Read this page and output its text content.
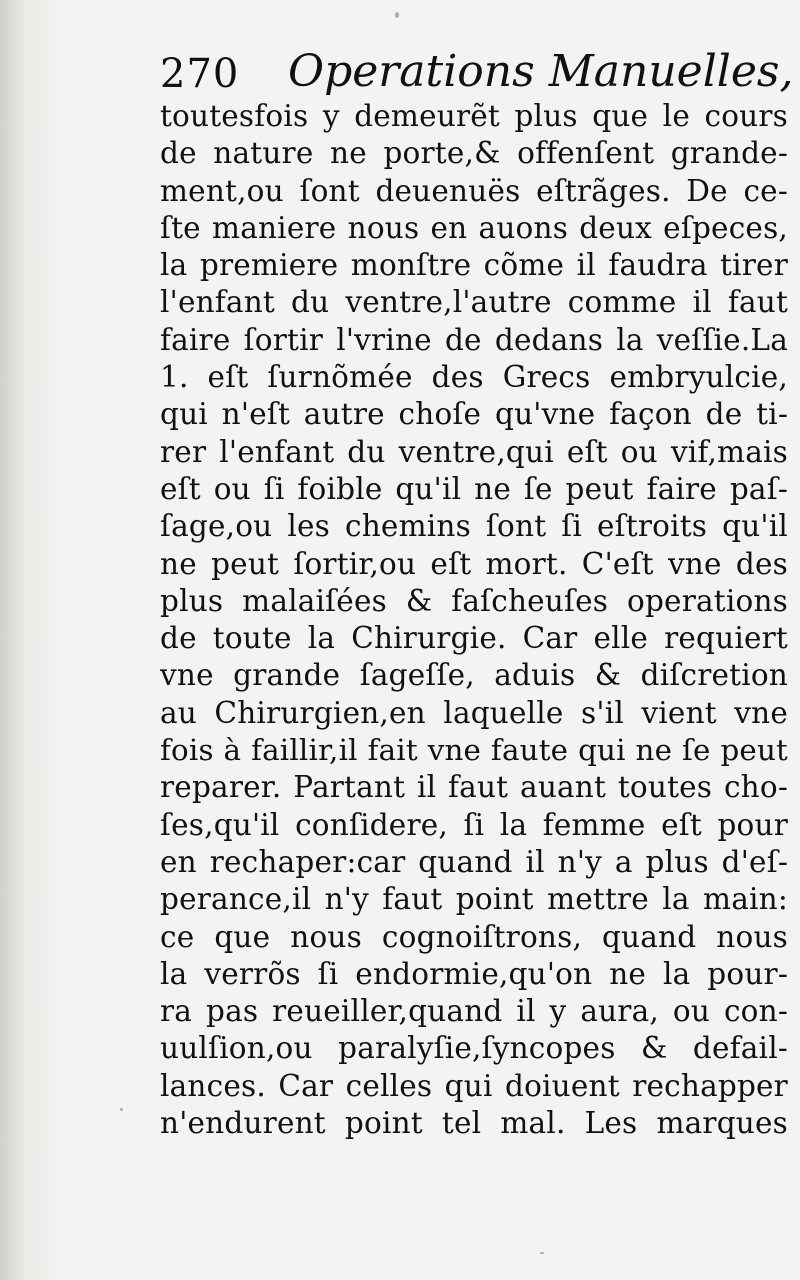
270 Operations Manuelles,
toutesfois y demeurẽt plus que le cours
de nature ne porte,& offenſent grande-
ment,ou ſont deuenuës eſtrãges. De ce-
ſte maniere nous en auons deux eſpeces,
la premiere monſtre cõme il faudra tirer
l'enfant du ventre,l'autre comme il faut
faire ſortir l'vrine de dedans la veſſie.La
1. eſt ſurnõmée des Grecs embryulcie,
qui n'eſt autre choſe qu'vne façon de ti-
rer l'enfant du ventre,qui eſt ou vif,mais
eſt ou ſi foible qu'il ne ſe peut faire paſ-
ſage,ou les chemins ſont ſi eſtroits qu'il
ne peut ſortir,ou eſt mort. C'eſt vne des
plus malaiſées & faſcheuſes operations
de toute la Chirurgie. Car elle requiert
vne grande ſageſſe, aduis & diſcretion
au Chirurgien,en laquelle s'il vient vne
fois à faillir,il fait vne faute qui ne ſe peut
reparer. Partant il faut auant toutes cho-
ſes,qu'il conſidere, ſi la femme eſt pour
en rechaper:car quand il n'y a plus d'eſ-
perance,il n'y faut point mettre la main:
ce que nous cognoiſtrons, quand nous
la verrõs ſi endormie,qu'on ne la pour-
ra pas reueiller,quand il y aura, ou con-
uulſion,ou paralyſie,ſyncopes & defail-
lances. Car celles qui doiuent rechapper
n'endurent point tel mal. Les marques
